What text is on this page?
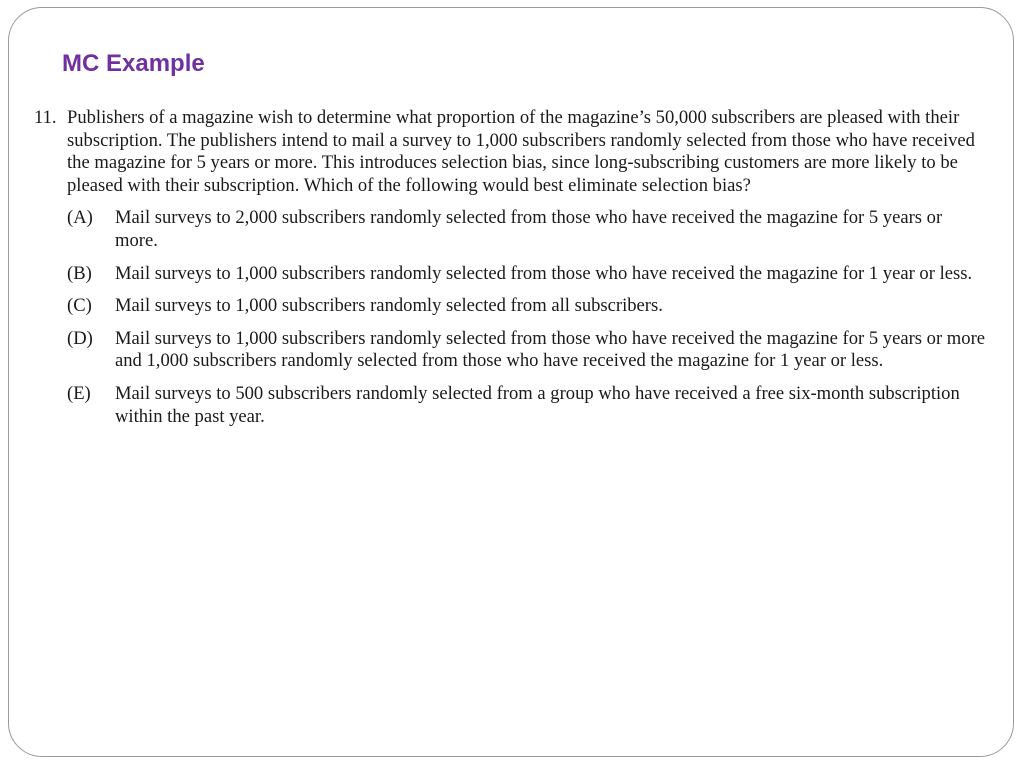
MC Example

11. Publishers of a magazine wish to determine what proportion of the magazine’s 50,000 subscribers are pleased with their subscription. The publishers intend to mail a survey to 1,000 subscribers randomly selected from those who have received the magazine for 5 years or more. This introduces selection bias, since long-subscribing customers are more likely to be pleased with their subscription. Which of the following would best eliminate selection bias?

(A) Mail surveys to 2,000 subscribers randomly selected from those who have received the magazine for 5 years or more.
(B) Mail surveys to 1,000 subscribers randomly selected from those who have received the magazine for 1 year or less.
(C) Mail surveys to 1,000 subscribers randomly selected from all subscribers.
(D) Mail surveys to 1,000 subscribers randomly selected from those who have received the magazine for 5 years or more and 1,000 subscribers randomly selected from those who have received the magazine for 1 year or less.
(E) Mail surveys to 500 subscribers randomly selected from a group who have received a free six-month subscription within the past year.
